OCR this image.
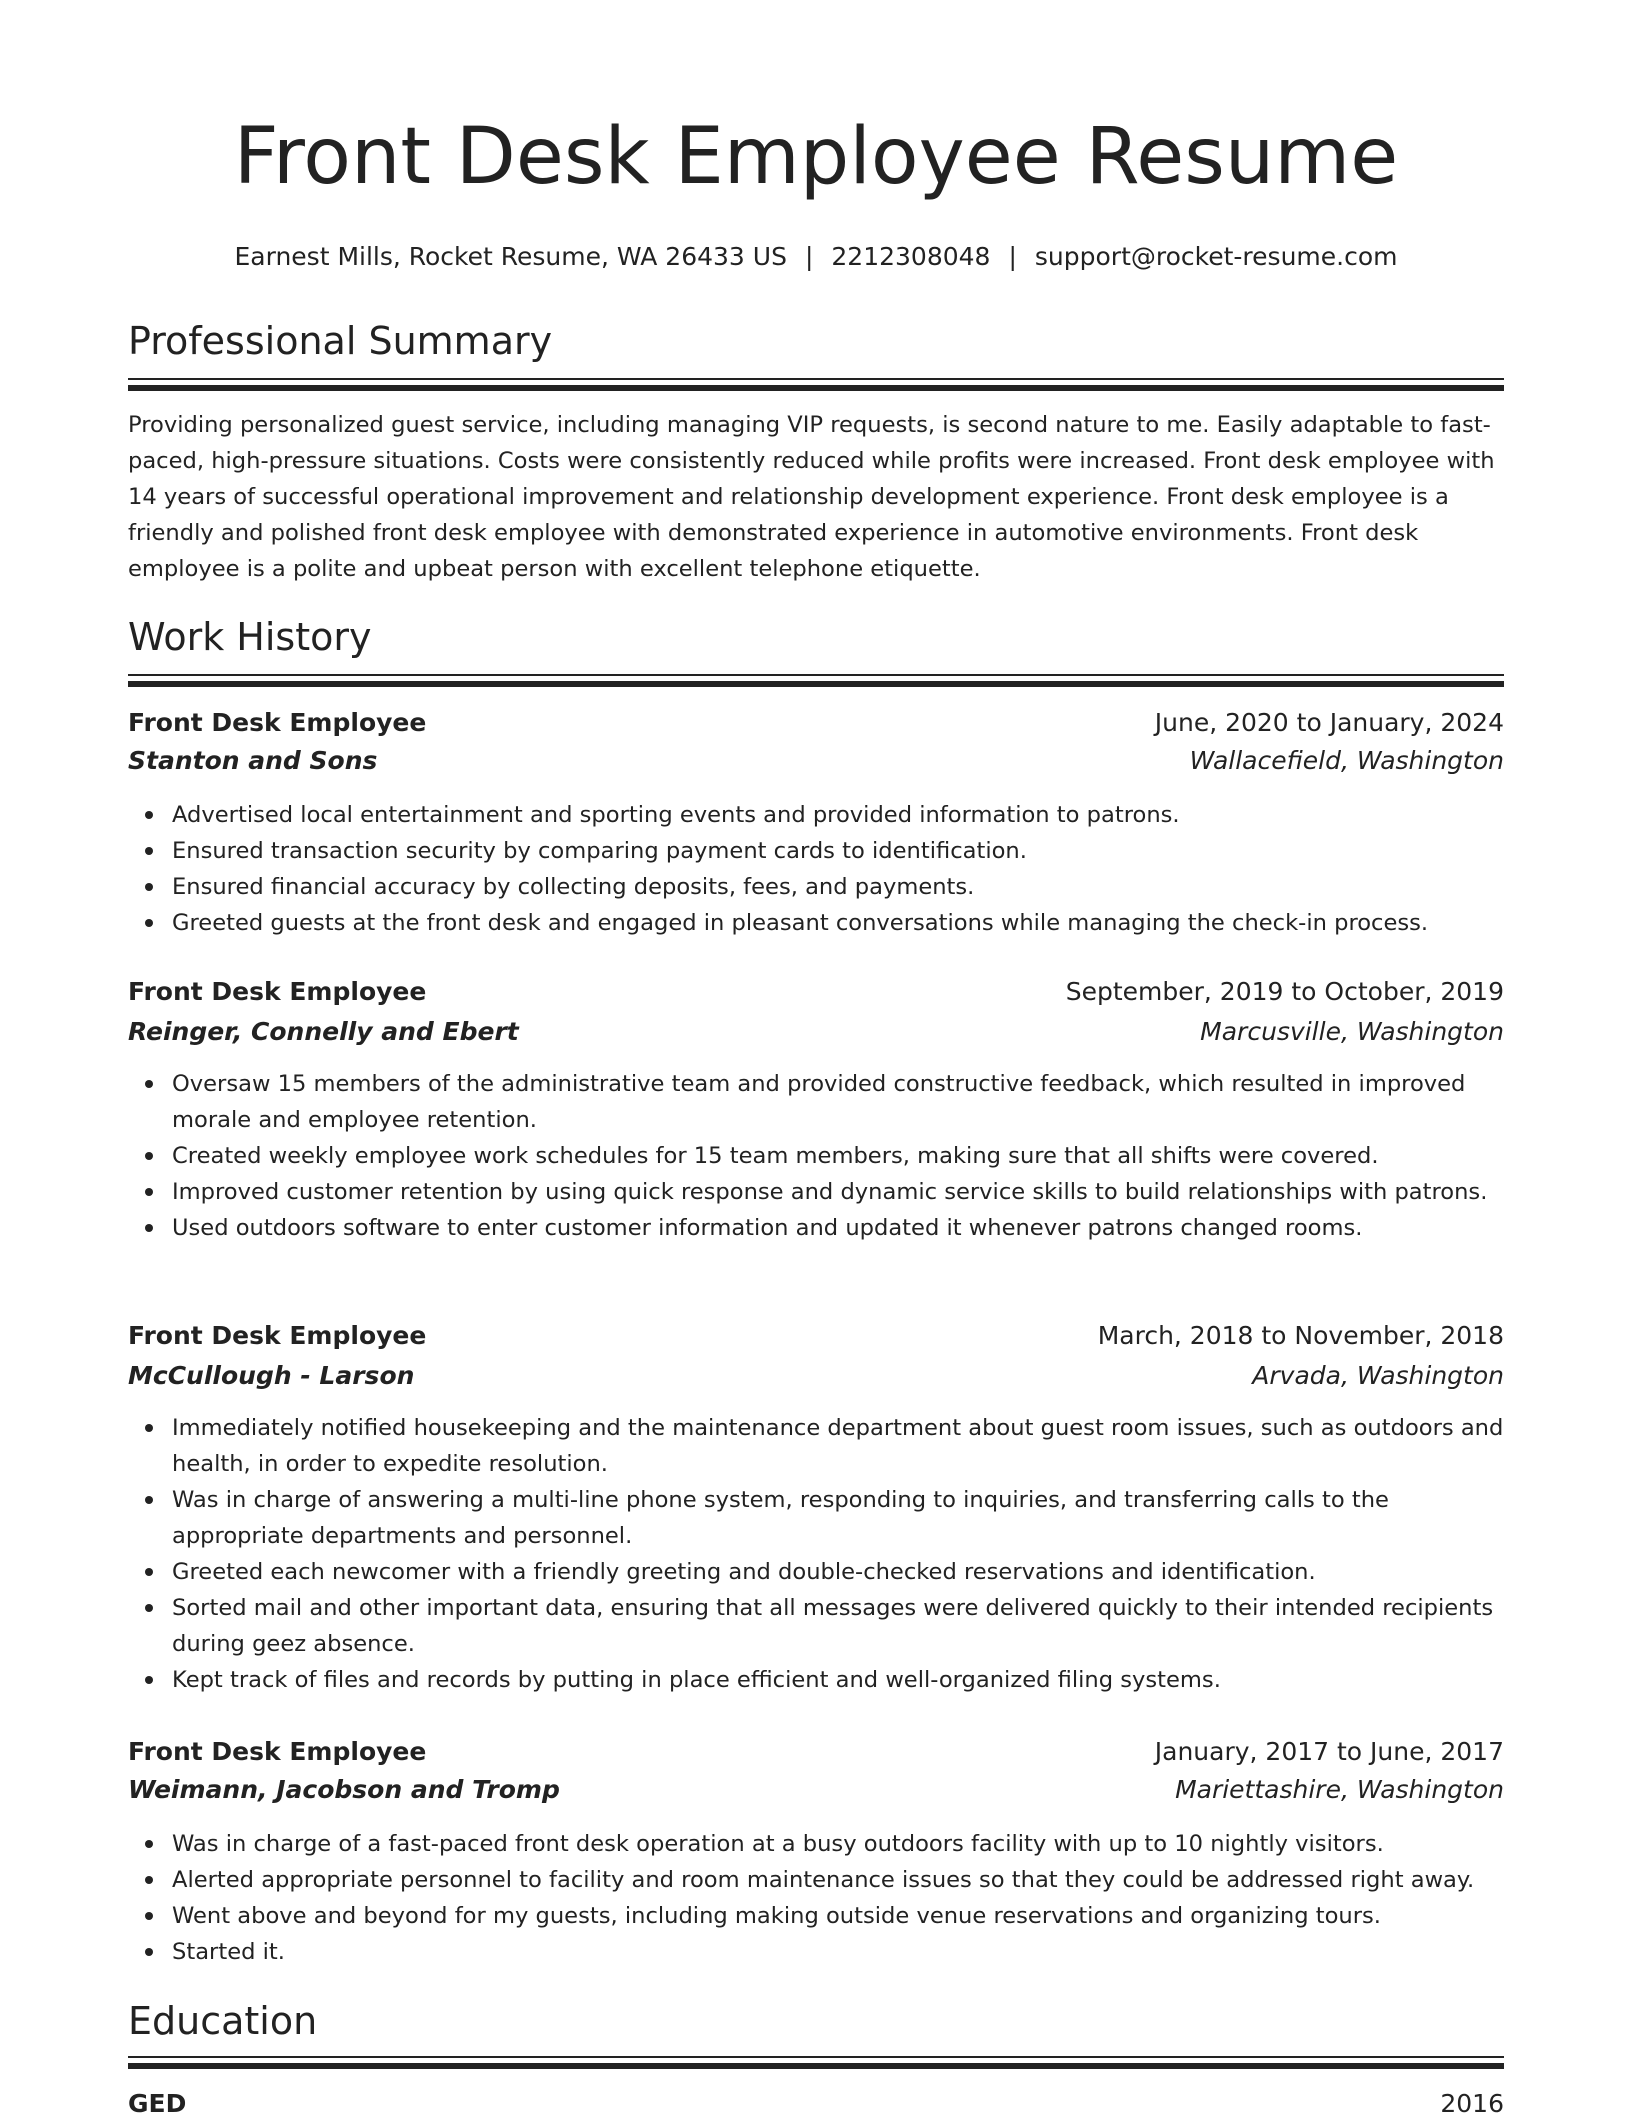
Front Desk Employee Resume
Earnest Mills, Rocket Resume, WA 26433 US | 2212308048 | support@rocket-resume.com
Professional Summary

Providing personalized guest service, including managing VIP requests, is second nature to me. Easily adaptable to fast-paced, high-pressure situations. Costs were consistently reduced while profits were increased. Front desk employee with 14 years of successful operational improvement and relationship development experience. Front desk employee is a friendly and polished front desk employee with demonstrated experience in automotive environments. Front desk employee is a polite and upbeat person with excellent telephone etiquette.

Work History
Front Desk Employee	June, 2020 to January, 2024
Stanton and Sons	Wallacefield, Washington
Advertised local entertainment and sporting events and provided information to patrons.
Ensured transaction security by comparing payment cards to identification.
Ensured financial accuracy by collecting deposits, fees, and payments.
Greeted guests at the front desk and engaged in pleasant conversations while managing the check-in process.
Front Desk Employee	September, 2019 to October, 2019
Reinger, Connelly and Ebert	Marcusville, Washington
Oversaw 15 members of the administrative team and provided constructive feedback, which resulted in improved morale and employee retention.
Created weekly employee work schedules for 15 team members, making sure that all shifts were covered.
Improved customer retention by using quick response and dynamic service skills to build relationships with patrons.
Used outdoors software to enter customer information and updated it whenever patrons changed rooms.
Front Desk Employee	March, 2018 to November, 2018
McCullough - Larson	Arvada, Washington
Immediately notified housekeeping and the maintenance department about guest room issues, such as outdoors and health, in order to expedite resolution.
Was in charge of answering a multi-line phone system, responding to inquiries, and transferring calls to the appropriate departments and personnel.
Greeted each newcomer with a friendly greeting and double-checked reservations and identification.
Sorted mail and other important data, ensuring that all messages were delivered quickly to their intended recipients during geez absence.
Kept track of files and records by putting in place efficient and well-organized filing systems.
Front Desk Employee	January, 2017 to June, 2017
Weimann, Jacobson and Tromp	Mariettashire, Washington
Was in charge of a fast-paced front desk operation at a busy outdoors facility with up to 10 nightly visitors.
Alerted appropriate personnel to facility and room maintenance issues so that they could be addressed right away.
Went above and beyond for my guests, including making outside venue reservations and organizing tours.
Started it.
Education
GED	2016
